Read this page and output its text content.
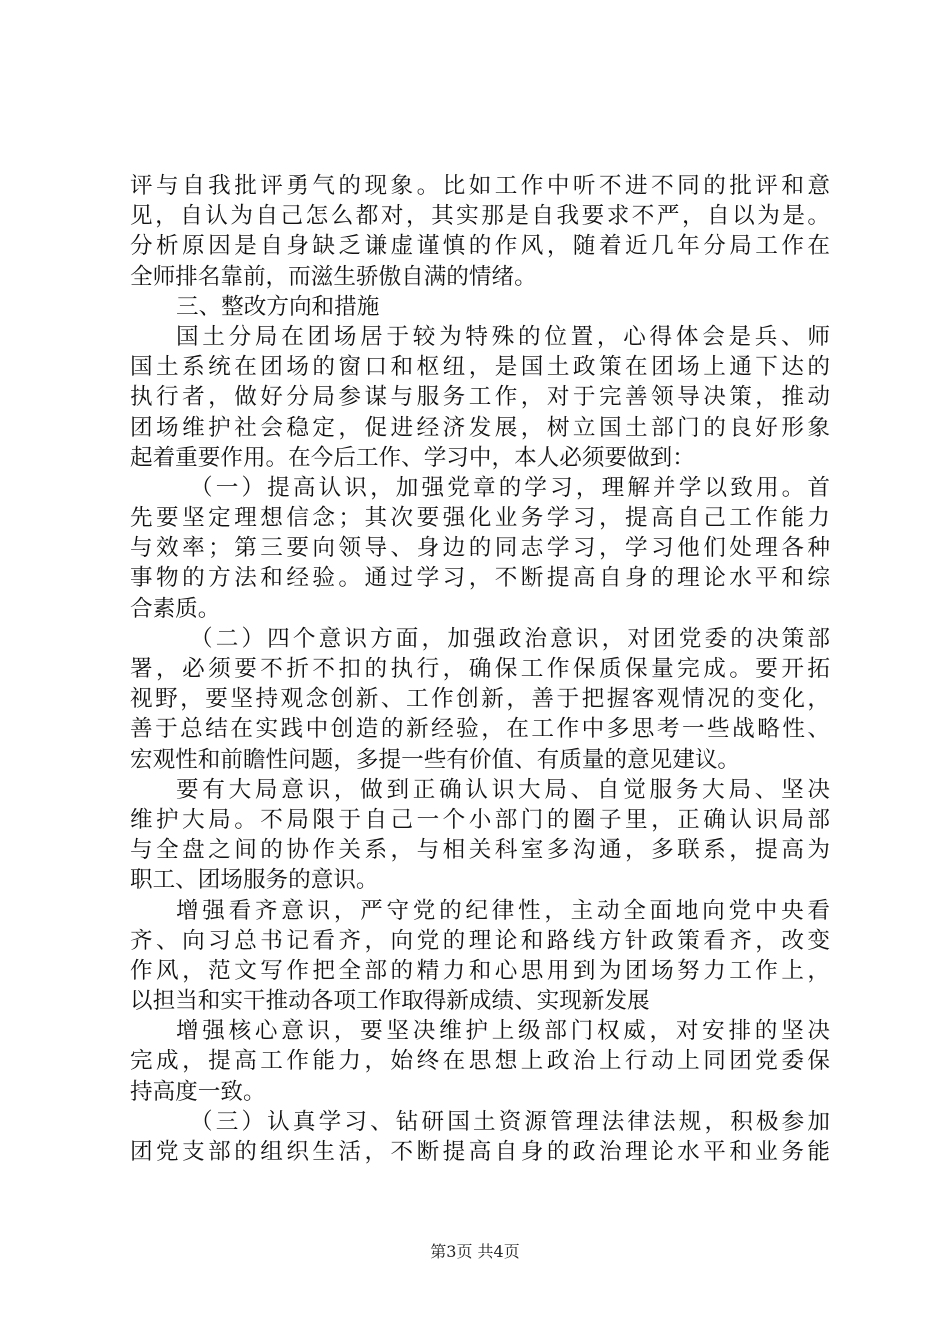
评与自我批评勇气的现象。比如工作中听不进不同的批评和意
见，自认为自己怎么都对，其实那是自我要求不严，自以为是。
分析原因是自身缺乏谦虚谨慎的作风，随着近几年分局工作在
全师排名靠前，而滋生骄傲自满的情绪。
三、整改方向和措施
国土分局在团场居于较为特殊的位置，心得体会是兵、师
国土系统在团场的窗口和枢纽，是国土政策在团场上通下达的
执行者，做好分局参谋与服务工作，对于完善领导决策，推动
团场维护社会稳定，促进经济发展，树立国土部门的良好形象
起着重要作用。在今后工作、学习中，本人必须要做到：
（一）提高认识，加强党章的学习，理解并学以致用。首
先要坚定理想信念；其次要强化业务学习，提高自己工作能力
与效率；第三要向领导、身边的同志学习，学习他们处理各种
事物的方法和经验。通过学习，不断提高自身的理论水平和综
合素质。
（二）四个意识方面，加强政治意识，对团党委的决策部
署，必须要不折不扣的执行，确保工作保质保量完成。要开拓
视野，要坚持观念创新、工作创新，善于把握客观情况的变化，
善于总结在实践中创造的新经验，在工作中多思考一些战略性、
宏观性和前瞻性问题，多提一些有价值、有质量的意见建议。
要有大局意识，做到正确认识大局、自觉服务大局、坚决
维护大局。不局限于自己一个小部门的圈子里，正确认识局部
与全盘之间的协作关系，与相关科室多沟通，多联系，提高为
职工、团场服务的意识。
增强看齐意识，严守党的纪律性，主动全面地向党中央看
齐、向习总书记看齐，向党的理论和路线方针政策看齐，改变
作风，范文写作把全部的精力和心思用到为团场努力工作上，
以担当和实干推动各项工作取得新成绩、实现新发展
增强核心意识，要坚决维护上级部门权威，对安排的坚决
完成，提高工作能力，始终在思想上政治上行动上同团党委保
持高度一致。
（三）认真学习、钻研国土资源管理法律法规，积极参加
团党支部的组织生活，不断提高自身的政治理论水平和业务能
第3页 共4页
